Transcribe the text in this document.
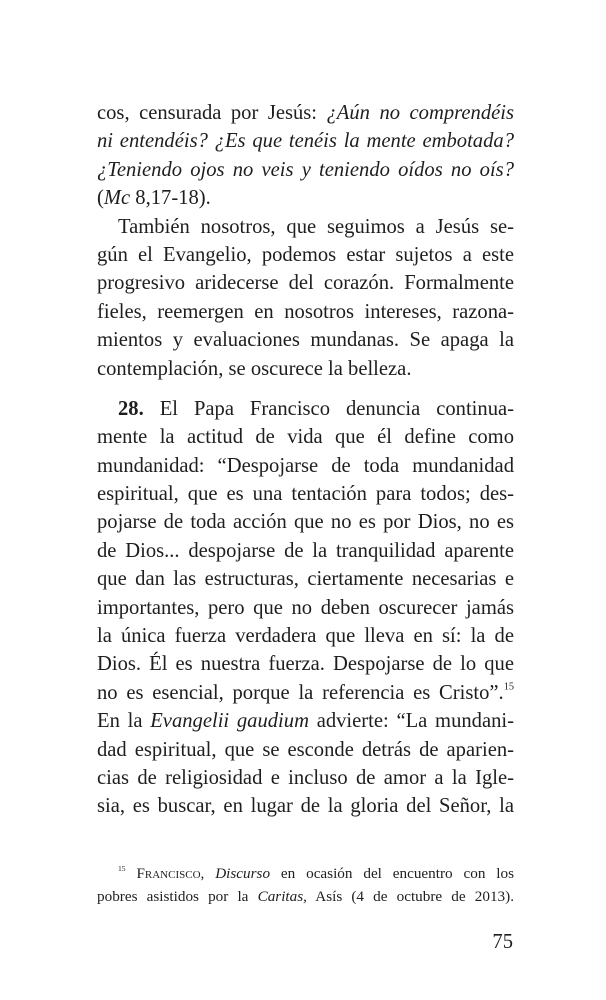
cos, censurada por Jesús: ¿Aún no comprendéis
ni entendéis? ¿Es que tenéis la mente embotada?
¿Teniendo ojos no veis y teniendo oídos no oís?
(Mc 8,17-18).
También nosotros, que seguimos a Jesús se-
gún el Evangelio, podemos estar sujetos a este
progresivo aridecerse del corazón. Formalmente
fieles, reemergen en nosotros intereses, razona-
mientos y evaluaciones mundanas. Se apaga la
contemplación, se oscurece la belleza.
28. El Papa Francisco denuncia continua-
mente la actitud de vida que él define como
mundanidad: “Despojarse de toda mundanidad
espiritual, que es una tentación para todos; des-
pojarse de toda acción que no es por Dios, no es
de Dios... despojarse de la tranquilidad aparente
que dan las estructuras, ciertamente necesarias e
importantes, pero que no deben oscurecer jamás
la única fuerza verdadera que lleva en sí: la de
Dios. Él es nuestra fuerza. Despojarse de lo que
no es esencial, porque la referencia es Cristo”.$^{15}$
En la Evangelii gaudium advierte: “La mundani-
dad espiritual, que se esconde detrás de aparien-
cias de religiosidad e incluso de amor a la Igle-
sia, es buscar, en lugar de la gloria del Señor, la
$^{15}$ Francisco, Discurso en ocasión del encuentro con los
pobres asistidos por la Caritas, Asís (4 de octubre de 2013).
75
